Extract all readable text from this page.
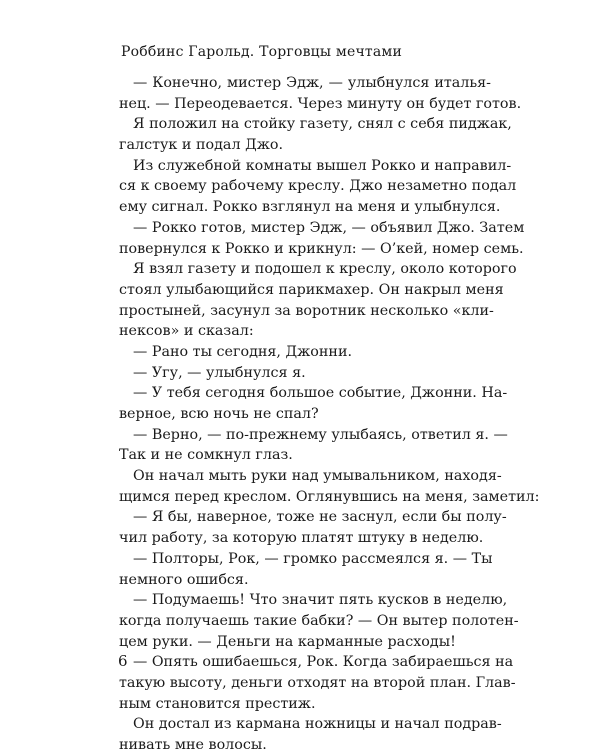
Роббинс Гарольд. Торговцы мечтами
— Конечно, мистер Эдж, — улыбнулся италья-
нец. — Переодевается. Через минуту он будет готов.
Я положил на стойку газету, снял с себя пиджак,
галстук и подал Джо.
Из служебной комнаты вышел Рокко и направил-
ся к своему рабочему креслу. Джо незаметно подал
ему сигнал. Рокко взглянул на меня и улыбнулся.
— Рокко готов, мистер Эдж, — объявил Джо. Затем
повернулся к Рокко и крикнул: — О’кей, номер семь.
Я взял газету и подошел к креслу, около которого
стоял улыбающийся парикмахер. Он накрыл меня
простыней, засунул за воротник несколько «кли-
нексов» и сказал:
— Рано ты сегодня, Джонни.
— Угу, — улыбнулся я.
— У тебя сегодня большое событие, Джонни. На-
верное, всю ночь не спал?
— Верно, — по-прежнему улыбаясь, ответил я. —
Так и не сомкнул глаз.
Он начал мыть руки над умывальником, находя-
щимся перед креслом. Оглянувшись на меня, заметил:
— Я бы, наверное, тоже не заснул, если бы полу-
чил работу, за которую платят штуку в неделю.
— Полторы, Рок, — громко рассмеялся я. — Ты
немного ошибся.
— Подумаешь! Что значит пять кусков в неделю,
когда получаешь такие бабки? — Он вытер полотен-
цем руки. — Деньги на карманные расходы!
— Опять ошибаешься, Рок. Когда забираешься на
такую высоту, деньги отходят на второй план. Глав-
ным становится престиж.
Он достал из кармана ножницы и начал подрав-
нивать мне волосы.
6
